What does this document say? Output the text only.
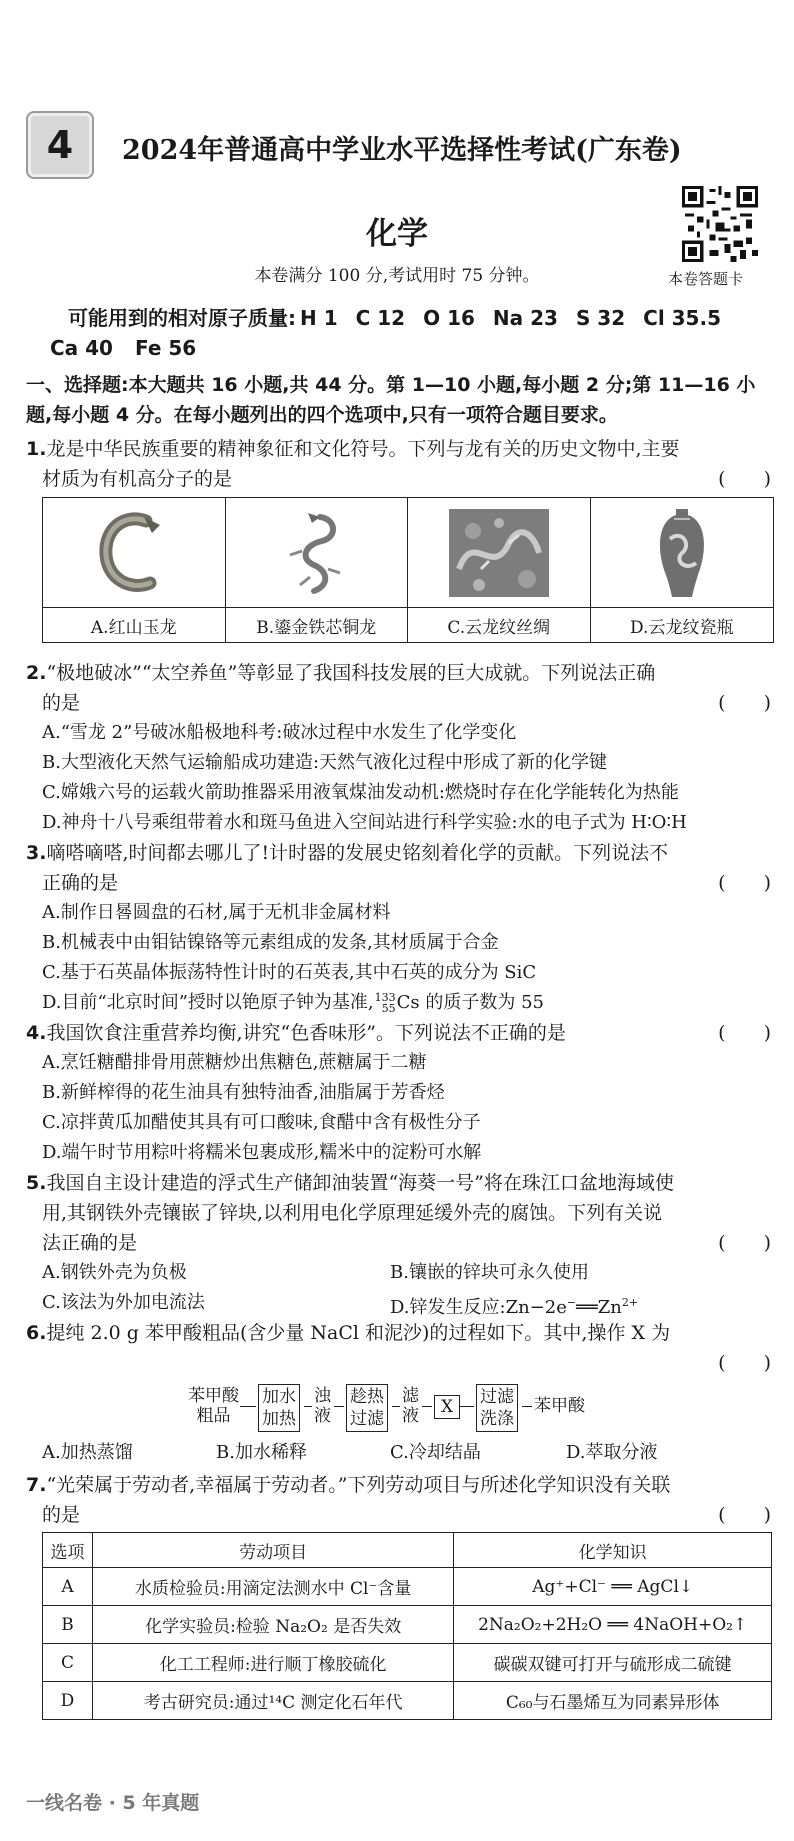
4 2024年普通高中学业水平选择性考试(广东卷)
化学
本卷满分 100 分,考试用时 75 分钟。	本卷答题卡
可能用到的相对原子质量: H 1 C 12 O 16 Na 23 S 32 Cl 35.5
Ca 40 Fe 56
一、选择题:本大题共 16 小题,共 44 分。第 1—10 小题,每小题 2 分;第 11—16 小
题,每小题 4 分。在每小题列出的四个选项中,只有一项符合题目要求。
1.龙是中华民族重要的精神象征和文化符号。下列与龙有关的历史文物中,主要
材质为有机高分子的是	(　　)
A.红山玉龙	B.鎏金铁芯铜龙	C.云龙纹丝绸	D.云龙纹瓷瓶
2.“极地破冰”“太空养鱼”等彰显了我国科技发展的巨大成就。下列说法正确
的是	(　　)
A.“雪龙 2”号破冰船极地科考:破冰过程中水发生了化学变化
B.大型液化天然气运输船成功建造:天然气液化过程中形成了新的化学键
C.嫦娥六号的运载火箭助推器采用液氧煤油发动机:燃烧时存在化学能转化为热能
D.神舟十八号乘组带着水和斑马鱼进入空间站进行科学实验:水的电子式为 H∶O∶H
3.嘀嗒嘀嗒,时间都去哪儿了!计时器的发展史铭刻着化学的贡献。下列说法不
正确的是	(　　)
A.制作日晷圆盘的石材,属于无机非金属材料
B.机械表中由钼钴镍铬等元素组成的发条,其材质属于合金
C.基于石英晶体振荡特性计时的石英表,其中石英的成分为 SiC
D.目前“北京时间”授时以铯原子钟为基准, 133
55 Cs 的质子数为 55
4.我国饮食注重营养均衡,讲究“色香味形”。下列说法不正确的是	(　　)
A.烹饪糖醋排骨用蔗糖炒出焦糖色,蔗糖属于二糖
B.新鲜榨得的花生油具有独特油香,油脂属于芳香烃
C.凉拌黄瓜加醋使其具有可口酸味,食醋中含有极性分子
D.端午时节用粽叶将糯米包裹成形,糯米中的淀粉可水解
5.我国自主设计建造的浮式生产储卸油装置“海葵一号”将在珠江口盆地海域使
用,其钢铁外壳镶嵌了锌块,以利用电化学原理延缓外壳的腐蚀。下列有关说
法正确的是	(　　)
A.钢铁外壳为负极	B.镶嵌的锌块可永久使用
C.该法为外加电流法	D.锌发生反应$:Zn-2e^-══Zn^{2+}$
6.提纯 2.0 g 苯甲酸粗品(含少量 NaCl 和泥沙)的过程如下。其中,操作 X 为
(　　)
苯甲酸
粗品
加水
加热
浊
液
趁热
过滤
滤
液	X	过滤
洗涤
苯甲酸
A.加热蒸馏	B.加水稀释	C.冷却结晶	D.萃取分液
7.“光荣属于劳动者,幸福属于劳动者。”下列劳动项目与所述化学知识没有关联
的是	(　　)
选项	劳动项目	化学知识
A	水质检验员:用滴定法测水中 Cl⁻含量	Ag⁺+Cl⁻ ══ AgCl↓
B	化学实验员:检验 Na₂O₂ 是否失效	2Na₂O₂+2H₂O ══ 4NaOH+O₂↑
C	化工工程师:进行顺丁橡胶硫化	碳碳双键可打开与硫形成二硫键
D	考古研究员:通过¹⁴C 测定化石年代	C₆₀与石墨烯互为同素异形体
一线名卷 · 5 年真题
